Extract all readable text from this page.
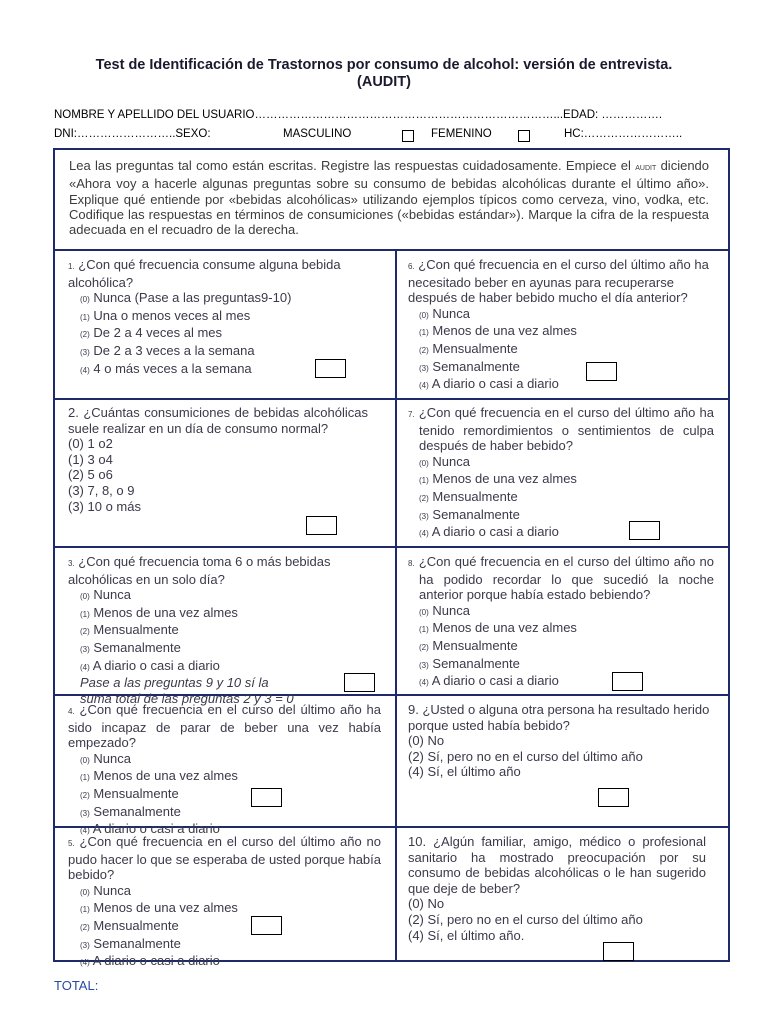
Test de Identificación de Trastornos por consumo de alcohol: versión de entrevista.
(AUDIT)
NOMBRE Y APELLIDO DEL USUARIO……………………………………………………………………...EDAD: …………….
DNI:……………………..SEXO:	MASCULINO	FEMENINO	HC:……………………..
Lea las preguntas tal como están escritas. Registre las respuestas cuidadosamente. Empiece el AUDIT diciendo «Ahora voy a hacerle algunas preguntas sobre su consumo de bebidas alcohólicas durante el último año». Explique qué entiende por «bebidas alcohólicas» utilizando ejemplos típicos como cerveza, vino, vodka, etc. Codifique las respuestas en términos de consumiciones («bebidas estándar»). Marque la cifra de la respuesta adecuada en el recuadro de la derecha.
1. ¿Con qué frecuencia consume alguna bebida alcohólica?
(0) Nunca (Pase a las preguntas9-10)
(1) Una o menos veces al mes
(2) De 2 a 4 veces al mes
(3) De 2 a 3 veces a la semana
(4) 4 o más veces a la semana
2. ¿Cuántas consumiciones de bebidas alcohólicas suele realizar en un día de consumo normal?
(0) 1 o2
(1) 3 o4
(2) 5 o6
(3) 7, 8, o 9
(3) 10 o más
3. ¿Con qué frecuencia toma 6 o más bebidas alcohólicas en un solo día?
(0) Nunca
(1) Menos de una vez almes
(2) Mensualmente
(3) Semanalmente
(4) A diario o casi a diario
Pase a las preguntas 9 y 10 sí la
suma total de las preguntas 2 y 3 = 0
4. ¿Con qué frecuencia en el curso del último año ha sido incapaz de parar de beber una vez había empezado?
(0) Nunca
(1) Menos de una vez almes
(2) Mensualmente
(3) Semanalmente
(4) A diario o casi a diario
5. ¿Con qué frecuencia en el curso del último año no pudo hacer lo que se esperaba de usted porque había bebido?
(0) Nunca
(1) Menos de una vez almes
(2) Mensualmente
(3) Semanalmente
(4) A diario o casi a diario
6. ¿Con qué frecuencia en el curso del último año ha necesitado beber en ayunas para recuperarse después de haber bebido mucho el día anterior?
(0) Nunca
(1) Menos de una vez almes
(2) Mensualmente
(3) Semanalmente
(4) A diario o casi a diario
7. ¿Con qué frecuencia en el curso del último año ha tenido remordimientos o sentimientos de culpa después de haber bebido?
(0) Nunca
(1) Menos de una vez almes
(2) Mensualmente
(3) Semanalmente
(4) A diario o casi a diario
8. ¿Con qué frecuencia en el curso del último año no ha podido recordar lo que sucedió la noche anterior porque había estado bebiendo?
(0) Nunca
(1) Menos de una vez almes
(2) Mensualmente
(3) Semanalmente
(4) A diario o casi a diario
9. ¿Usted o alguna otra persona ha resultado herido porque usted había bebido?
(0) No
(2) Sí, pero no en el curso del último año
(4) Sí, el último año
10. ¿Algún familiar, amigo, médico o profesional sanitario ha mostrado preocupación por su consumo de bebidas alcohólicas o le han sugerido que deje de beber?
(0) No
(2) Sí, pero no en el curso del último año
(4) Sí, el último año.
TOTAL:
